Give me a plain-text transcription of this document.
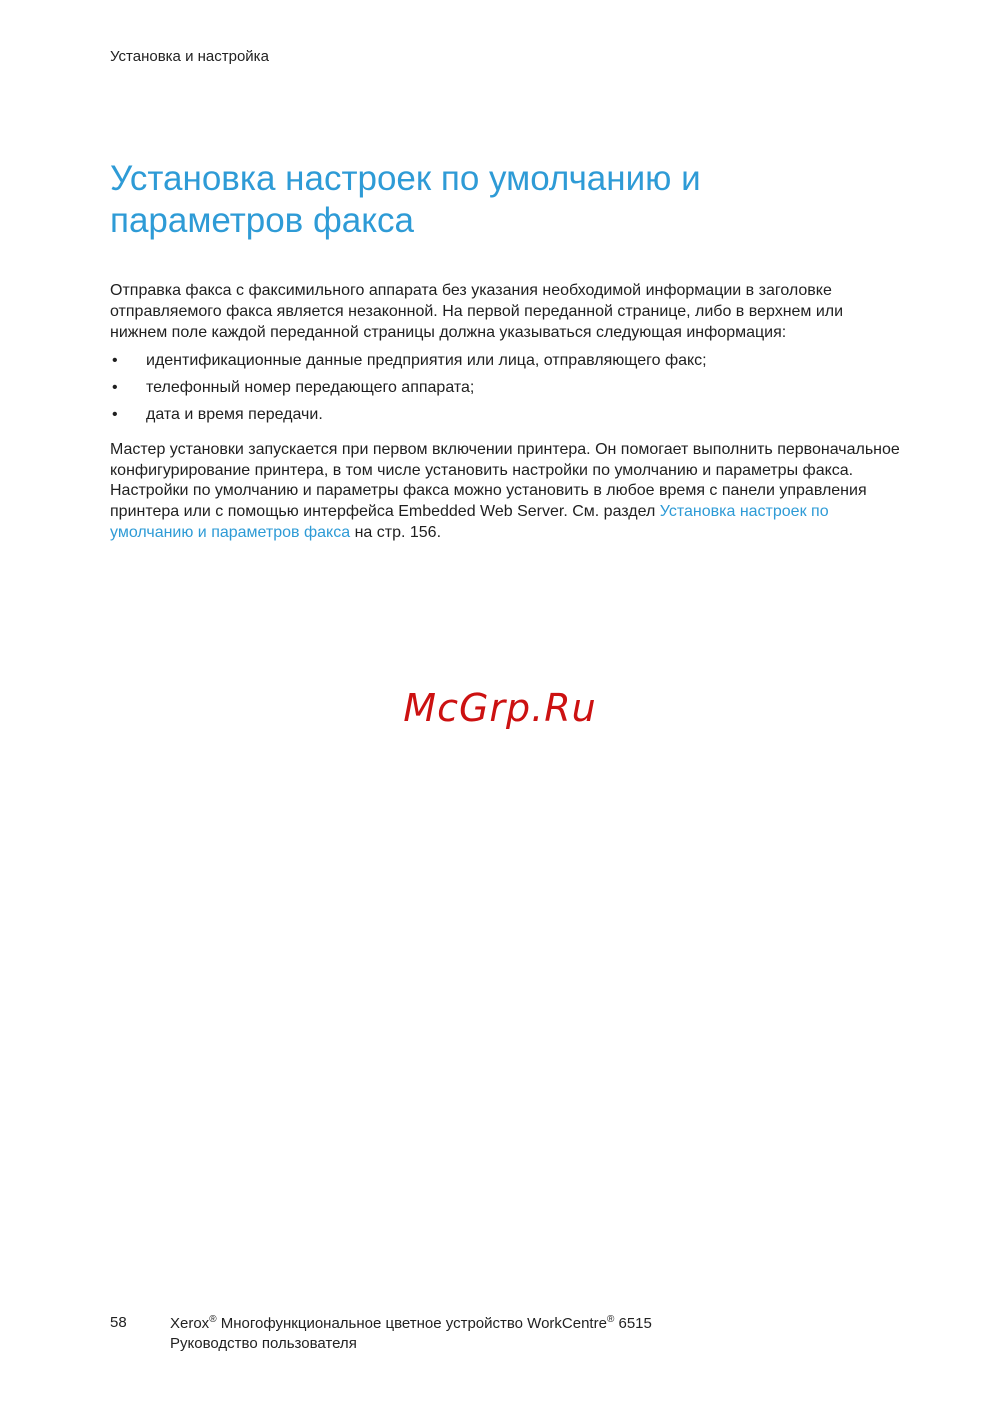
Установка и настройка
Установка настроек по умолчанию и
параметров факса

Отправка факса с факсимильного аппарата без указания необходимой информации в заголовке отправляемого факса является незаконной. На первой переданной странице, либо в верхнем или нижнем поле каждой переданной страницы должна указываться следующая информация:

• идентификационные данные предприятия или лица, отправляющего факс;
• телефонный номер передающего аппарата;
• дата и время передачи.

Мастер установки запускается при первом включении принтера. Он помогает выполнить первоначальное конфигурирование принтера, в том числе установить настройки по умолчанию и параметры факса. Настройки по умолчанию и параметры факса можно установить в любое время с панели управления принтера или с помощью интерфейса Embedded Web Server. См. раздел Установка настроек по умолчанию и параметров факса на стр. 156.

McGrp.Ru
58	Xerox® Многофункциональное цветное устройство WorkCentre® 6515
Руководство пользователя
